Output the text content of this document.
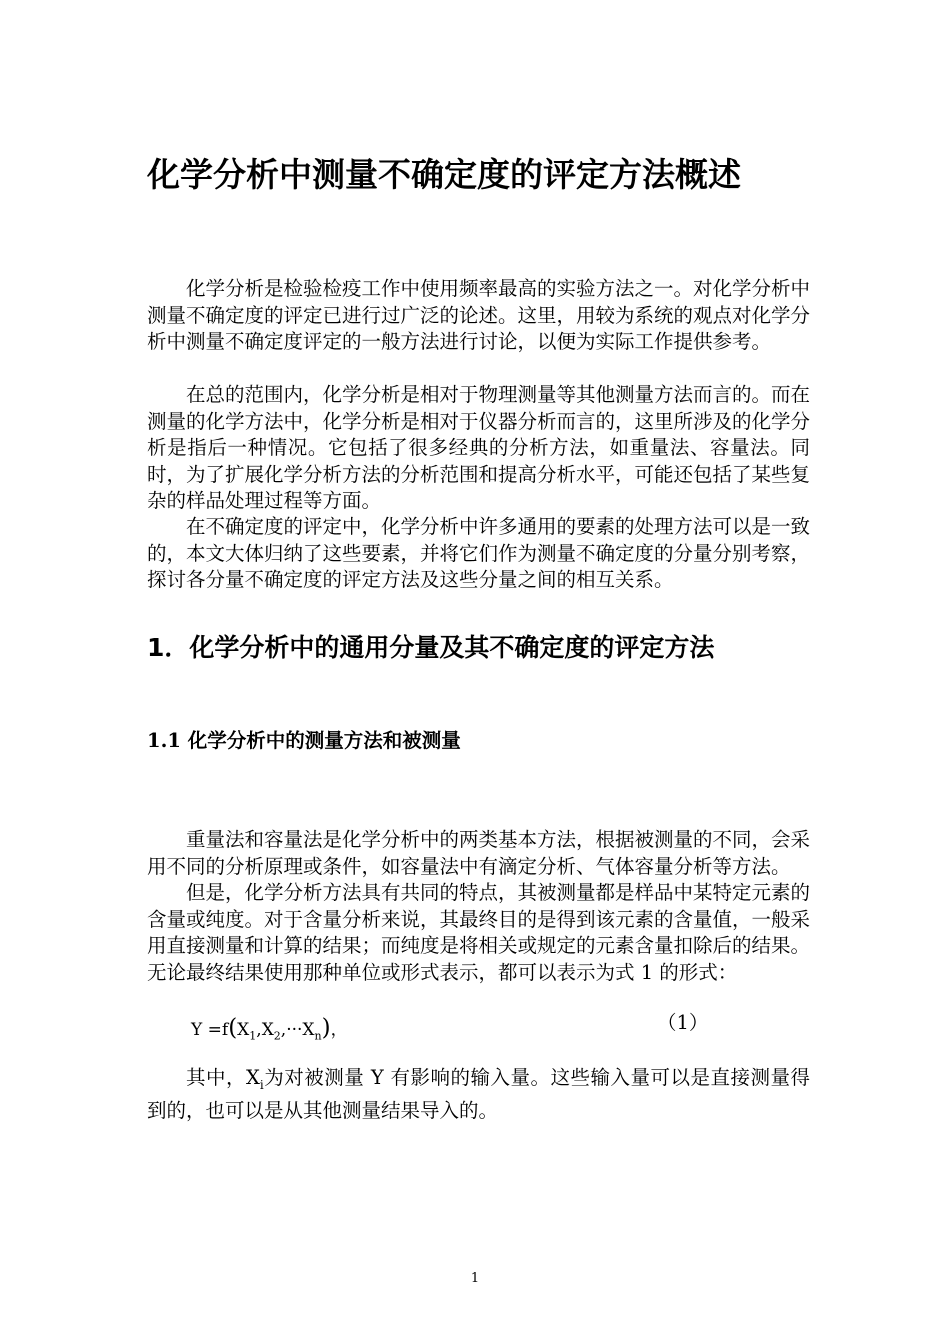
化学分析中测量不确定度的评定方法概述

化学分析是检验检疫工作中使用频率最高的实验方法之一。对化学分析中测量不确定度的评定已进行过广泛的论述。这里，用较为系统的观点对化学分析中测量不确定度评定的一般方法进行讨论，以便为实际工作提供参考。

在总的范围内，化学分析是相对于物理测量等其他测量方法而言的。而在测量的化学方法中，化学分析是相对于仪器分析而言的，这里所涉及的化学分析是指后一种情况。它包括了很多经典的分析方法，如重量法、容量法。同时，为了扩展化学分析方法的分析范围和提高分析水平，可能还包括了某些复杂的样品处理过程等方面。

在不确定度的评定中，化学分析中许多通用的要素的处理方法可以是一致的，本文大体归纳了这些要素，并将它们作为测量不确定度的分量分别考察，探讨各分量不确定度的评定方法及这些分量之间的相互关系。

1．化学分析中的通用分量及其不确定度的评定方法
1.1 化学分析中的测量方法和被测量

重量法和容量法是化学分析中的两类基本方法，根据被测量的不同，会采用不同的分析原理或条件，如容量法中有滴定分析、气体容量分析等方法。

但是，化学分析方法具有共同的特点，其被测量都是样品中某特定元素的含量或纯度。对于含量分析来说，其最终目的是得到该元素的含量值，一般采用直接测量和计算的结果；而纯度是将相关或规定的元素含量扣除后的结果。无论最终结果使用那种单位或形式表示，都可以表示为式 1 的形式：

$Y =f(X_1,X_2,\cdot\cdot\cdot X_n)$，	（1）

其中，$X_i$为对被测量 Y 有影响的输入量。这些输入量可以是直接测量得到的，也可以是从其他测量结果导入的。

1
